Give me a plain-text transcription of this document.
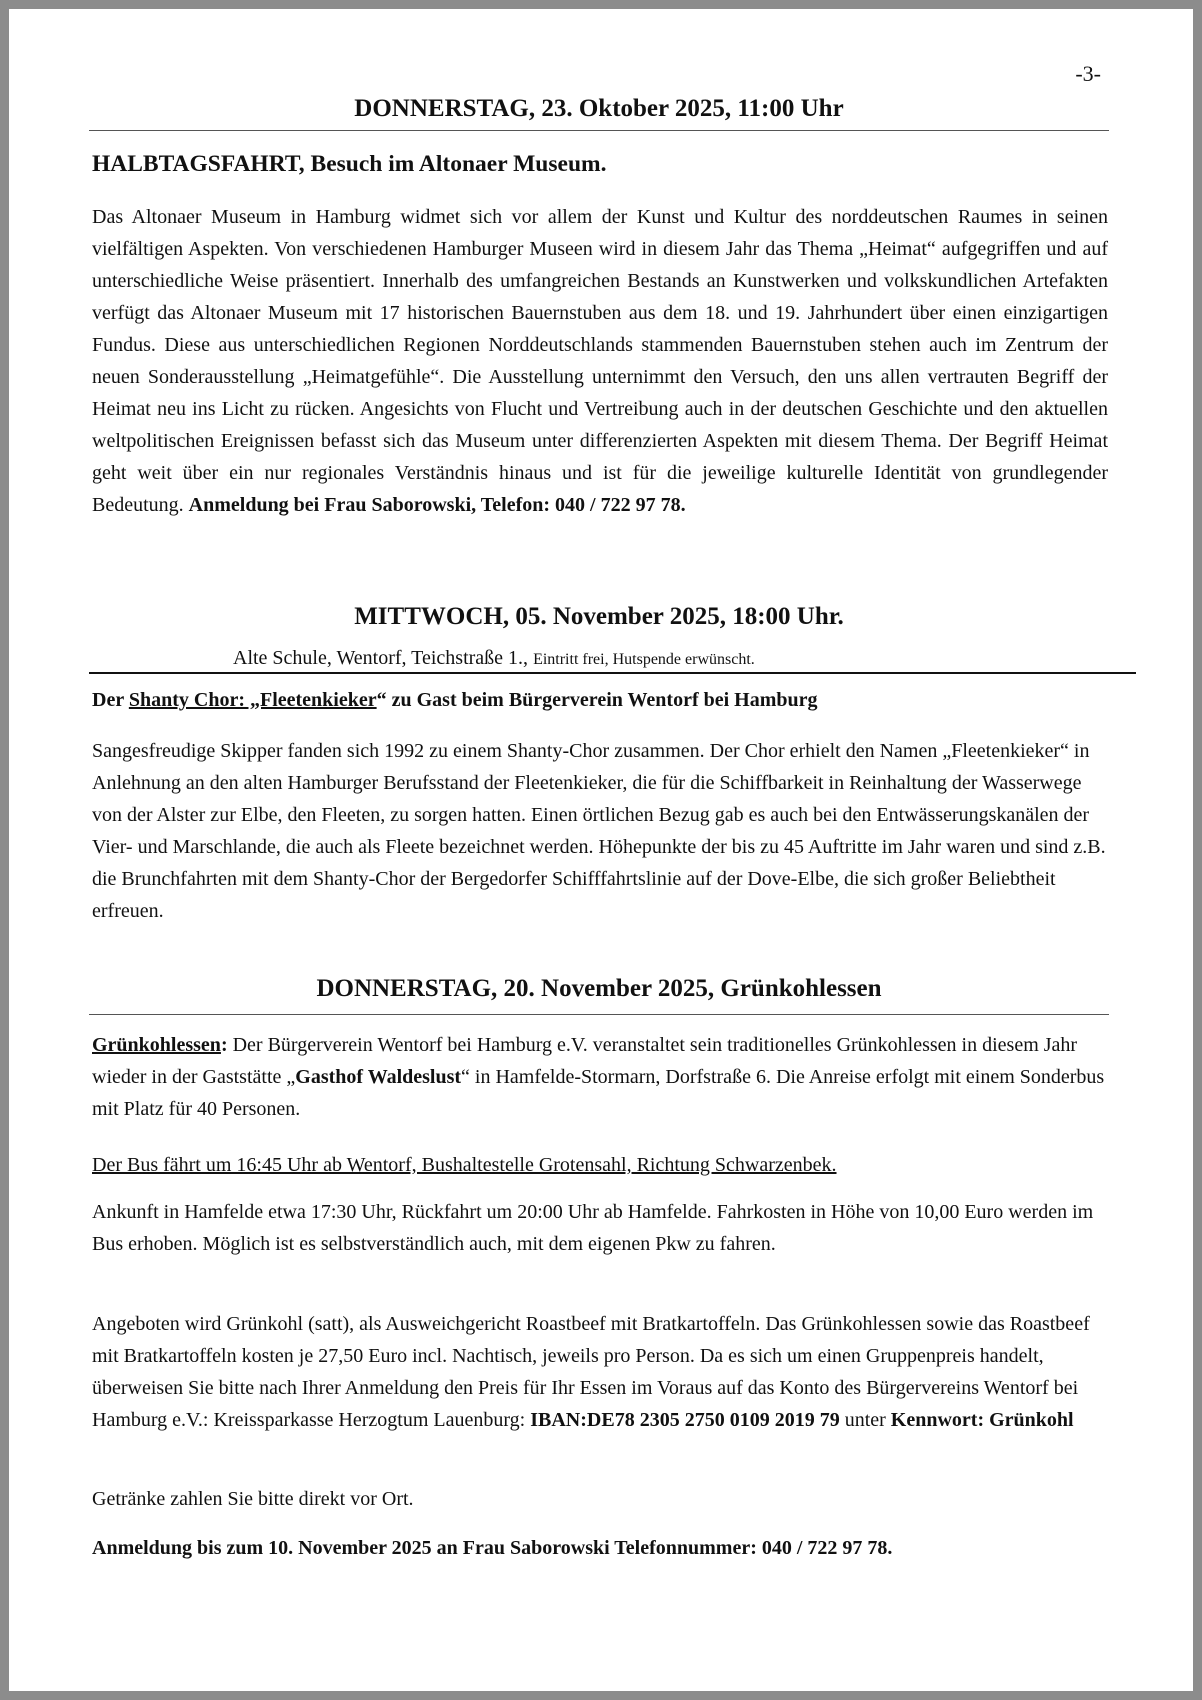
-3-
DONNERSTAG, 23. Oktober 2025, 11:00 Uhr
HALBTAGSFAHRT, Besuch im Altonaer Museum.
Das Altonaer Museum in Hamburg widmet sich vor allem der Kunst und Kultur des norddeutschen Raumes in seinen vielfältigen Aspekten. Von verschiedenen Hamburger Museen wird in diesem Jahr das Thema „Heimat“ aufgegriffen und auf unterschiedliche Weise präsentiert. Innerhalb des umfangreichen Bestands an Kunstwerken und volkskundlichen Artefakten verfügt das Altonaer Museum mit 17 historischen Bauernstuben aus dem 18. und 19. Jahrhundert über einen einzigartigen Fundus. Diese aus unterschiedlichen Regionen Norddeutschlands stammenden Bauernstuben stehen auch im Zentrum der neuen Sonderausstellung „Heimatgefühle“. Die Ausstellung unternimmt den Versuch, den uns allen vertrauten Begriff der Heimat neu ins Licht zu rücken. Angesichts von Flucht und Vertreibung auch in der deutschen Geschichte und den aktuellen weltpolitischen Ereignissen befasst sich das Museum unter differenzierten Aspekten mit diesem Thema. Der Begriff Heimat geht weit über ein nur regionales Verständnis hinaus und ist für die jeweilige kulturelle Identität von grundlegender Bedeutung. Anmeldung bei Frau Saborowski, Telefon: 040 / 722 97 78.
MITTWOCH, 05. November 2025, 18:00 Uhr.
Alte Schule, Wentorf, Teichstraße 1., Eintritt frei, Hutspende erwünscht.
Der Shanty Chor: „Fleetenkieker“ zu Gast beim Bürgerverein Wentorf bei Hamburg
Sangesfreudige Skipper fanden sich 1992 zu einem Shanty-Chor zusammen. Der Chor erhielt den Namen „Fleetenkieker“ in Anlehnung an den alten Hamburger Berufsstand der Fleetenkieker, die für die Schiffbarkeit in Reinhaltung der Wasserwege von der Alster zur Elbe, den Fleeten, zu sorgen hatten. Einen örtlichen Bezug gab es auch bei den Entwässerungskanälen der Vier- und Marschlande, die auch als Fleete bezeichnet werden. Höhepunkte der bis zu 45 Auftritte im Jahr waren und sind z.B. die Brunchfahrten mit dem Shanty-Chor der Bergedorfer Schifffahrtslinie auf der Dove-Elbe, die sich großer Beliebtheit erfreuen.
DONNERSTAG, 20. November 2025, Grünkohlessen
Grünkohlessen: Der Bürgerverein Wentorf bei Hamburg e.V. veranstaltet sein traditionelles Grünkohlessen in diesem Jahr wieder in der Gaststätte „Gasthof Waldeslust“ in Hamfelde-Stormarn, Dorfstraße 6. Die Anreise erfolgt mit einem Sonderbus mit Platz für 40 Personen.
Der Bus fährt um 16:45 Uhr ab Wentorf, Bushaltestelle Grotensahl, Richtung Schwarzenbek.
Ankunft in Hamfelde etwa 17:30 Uhr, Rückfahrt um 20:00 Uhr ab Hamfelde. Fahrkosten in Höhe von 10,00 Euro werden im Bus erhoben. Möglich ist es selbstverständlich auch, mit dem eigenen Pkw zu fahren.
Angeboten wird Grünkohl (satt), als Ausweichgericht Roastbeef mit Bratkartoffeln. Das Grünkohlessen sowie das Roastbeef mit Bratkartoffeln kosten je 27,50 Euro incl. Nachtisch, jeweils pro Person. Da es sich um einen Gruppenpreis handelt, überweisen Sie bitte nach Ihrer Anmeldung den Preis für Ihr Essen im Voraus auf das Konto des Bürgervereins Wentorf bei Hamburg e.V.: Kreissparkasse Herzogtum Lauenburg: IBAN:DE78 2305 2750 0109 2019 79 unter Kennwort: Grünkohl
Getränke zahlen Sie bitte direkt vor Ort.
Anmeldung bis zum 10. November 2025 an Frau Saborowski Telefonnummer: 040 / 722 97 78.
